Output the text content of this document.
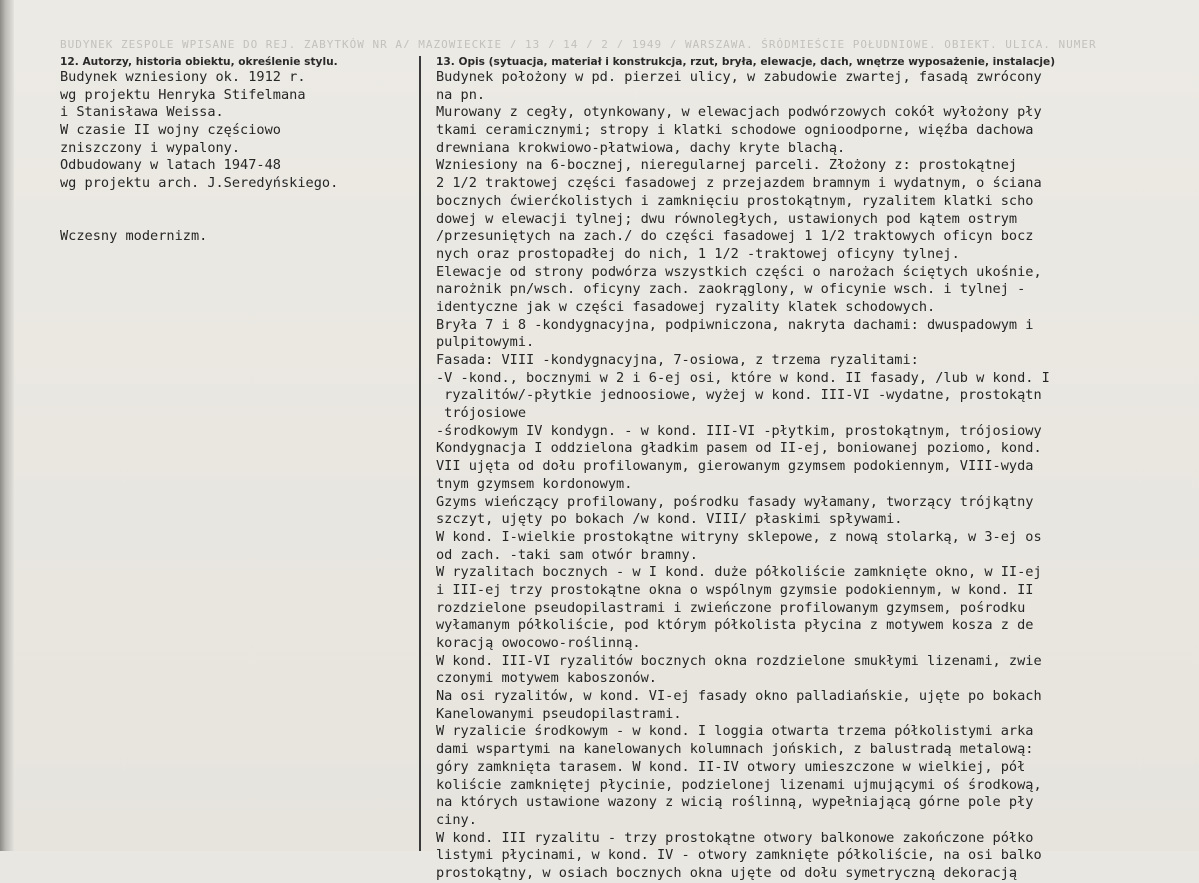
BUDYNEK ZESPOLE WPISANE DO REJ. ZABYTKÓW NR A/ MAZOWIECKIE / 13 / 14 / 2 / 1949 / WARSZAWA, ŚRÓDMIEŚCIE POŁUDNIOWE, OBIEKT, ULICA, NUMER
12. Autorzy, historia obiektu, określenie stylu.	13. Opis (sytuacja, materiał i konstrukcja, rzut, bryła, elewacje, dach, wnętrze wyposażenie, instalacje)
Budynek wzniesiony ok. 1912 r.
wg projektu Henryka Stifelmana
i Stanisława Weissa.
W czasie II wojny częściowo
zniszczony i wypalony.
Odbudowany w latach 1947-48
wg projektu arch. J.Seredyńskiego.
Wczesny modernizm.
Budynek położony w pd. pierzei ulicy, w zabudowie zwartej, fasadą zwrócony
na pn.
Murowany z cegły, otynkowany, w elewacjach podwórzowych cokół wyłożony pły
tkami ceramicznymi; stropy i klatki schodowe ognioodporne, więźba dachowa
drewniana krokwiowo-płatwiowa, dachy kryte blachą.
Wzniesiony na 6-bocznej, nieregularnej parceli. Złożony z: prostokątnej
2 1/2 traktowej części fasadowej z przejazdem bramnym i wydatnym, o ściana
bocznych ćwierćkolistych i zamknięciu prostokątnym, ryzalitem klatki scho
dowej w elewacji tylnej; dwu równoległych, ustawionych pod kątem ostrym
/przesuniętych na zach./ do części fasadowej 1 1/2 traktowych oficyn bocz
nych oraz prostopadłej do nich, 1 1/2 -traktowej oficyny tylnej.
Elewacje od strony podwórza wszystkich części o narożach ściętych ukośnie,
narożnik pn/wsch. oficyny zach. zaokrąglony, w oficynie wsch. i tylnej -
identyczne jak w części fasadowej ryzality klatek schodowych.
Bryła 7 i 8 -kondygnacyjna, podpiwniczona, nakryta dachami: dwuspadowym i
pulpitowymi.
Fasada: VIII -kondygnacyjna, 7-osiowa, z trzema ryzalitami:
-V -kond., bocznymi w 2 i 6-ej osi, które w kond. II fasady, /lub w kond. I
ryzalitów/-płytkie jednoosiowe, wyżej w kond. III-VI -wydatne, prostokątn
trójosiowe
-środkowym IV kondygn. - w kond. III-VI -płytkim, prostokątnym, trójosiowy
Kondygnacja I oddzielona gładkim pasem od II-ej, boniowanej poziomo, kond.
VII ujęta od dołu profilowanym, gierowanym gzymsem podokiennym, VIII-wyda
tnym gzymsem kordonowym.
Gzyms wieńczący profilowany, pośrodku fasady wyłamany, tworzący trójkątny
szczyt, ujęty po bokach /w kond. VIII/ płaskimi spływami.
W kond. I-wielkie prostokątne witryny sklepowe, z nową stolarką, w 3-ej os
od zach. -taki sam otwór bramny.
W ryzalitach bocznych - w I kond. duże półkoliście zamknięte okno, w II-ej
i III-ej trzy prostokątne okna o wspólnym gzymsie podokiennym, w kond. II
rozdzielone pseudopilastrami i zwieńczone profilowanym gzymsem, pośrodku
wyłamanym półkoliście, pod którym półkolista płycina z motywem kosza z de
koracją owocowo-roślinną.
W kond. III-VI ryzalitów bocznych okna rozdzielone smukłymi lizenami, zwie
czonymi motywem kaboszonów.
Na osi ryzalitów, w kond. VI-ej fasady okno palladiańskie, ujęte po bokach
Kanelowanymi pseudopilastrami.
W ryzalicie środkowym - w kond. I loggia otwarta trzema półkolistymi arka
dami wspartymi na kanelowanych kolumnach jońskich, z balustradą metalową:
góry zamknięta tarasem. W kond. II-IV otwory umieszczone w wielkiej, pół
koliście zamkniętej płycinie, podzielonej lizenami ujmującymi oś środkową,
na których ustawione wazony z wicią roślinną, wypełniającą górne pole pły
ciny.
W kond. III ryzalitu - trzy prostokątne otwory balkonowe zakończone półko
listymi płycinami, w kond. IV - otwory zamknięte półkoliście, na osi balko
prostokątny, w osiach bocznych okna ujęte od dołu symetryczną dekoracją
